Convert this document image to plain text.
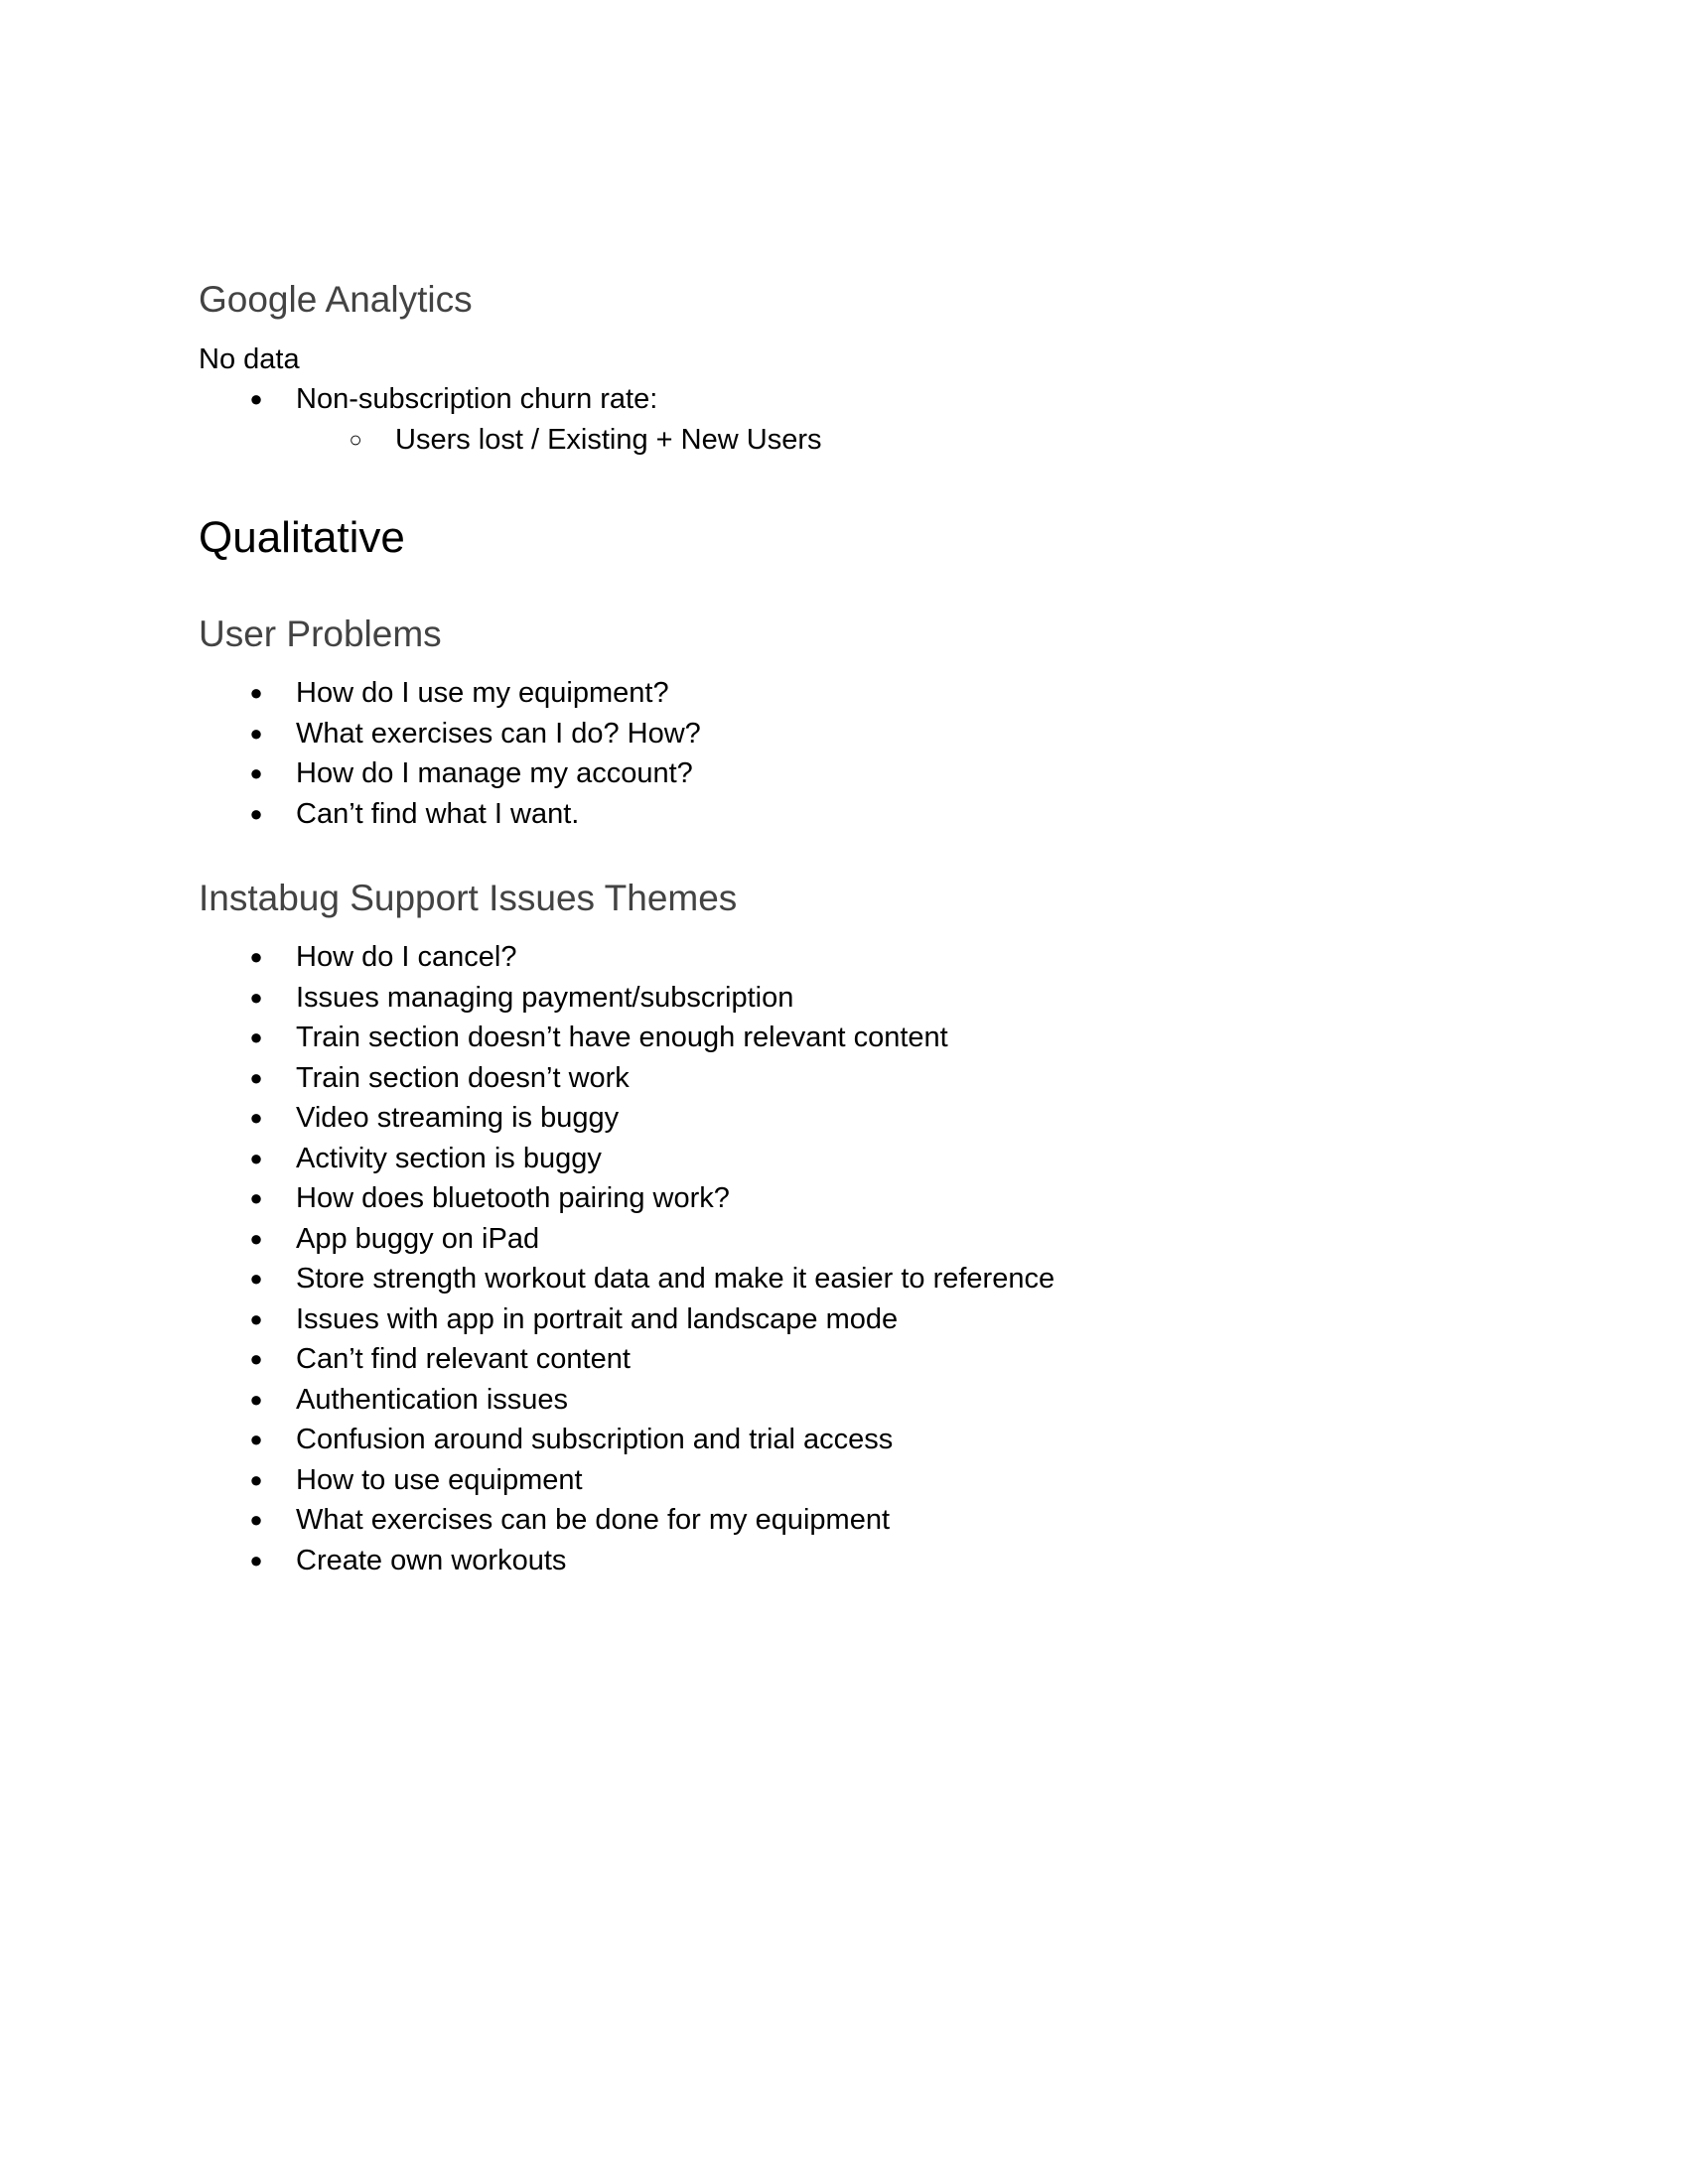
Google Analytics

No data

● Non-subscription churn rate:
○ Users lost / Existing + New Users
Qualitative
User Problems
● How do I use my equipment?
● What exercises can I do? How?
● How do I manage my account?
● Can’t find what I want.
Instabug Support Issues Themes
● How do I cancel?
● Issues managing payment/subscription
● Train section doesn’t have enough relevant content
● Train section doesn’t work
● Video streaming is buggy
● Activity section is buggy
● How does bluetooth pairing work?
● App buggy on iPad
● Store strength workout data and make it easier to reference
● Issues with app in portrait and landscape mode
● Can’t find relevant content
● Authentication issues
● Confusion around subscription and trial access
● How to use equipment
● What exercises can be done for my equipment
● Create own workouts
